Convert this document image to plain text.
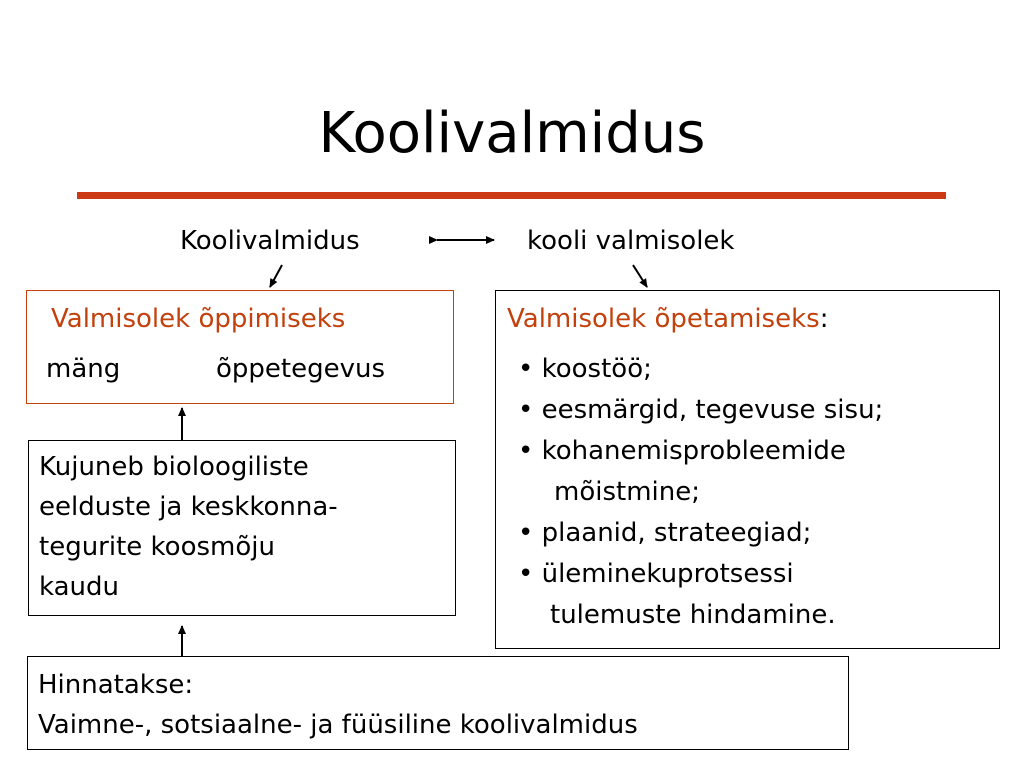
Koolivalmidus
Koolivalmidus	kooli valmisolek
Valmisolek õppimiseks
mäng	õppetegevus
Valmisolek õpetamiseks:
• koostöö;
• eesmärgid, tegevuse sisu;
• kohanemisprobleemide
mõistmine;
• plaanid, strateegiad;
• üleminekuprotsessi
tulemuste hindamine.
Kujuneb bioloogiliste
eelduste ja keskkonna-
tegurite koosmõju
kaudu
Hinnatakse:
Vaimne-, sotsiaalne- ja füüsiline koolivalmidus
